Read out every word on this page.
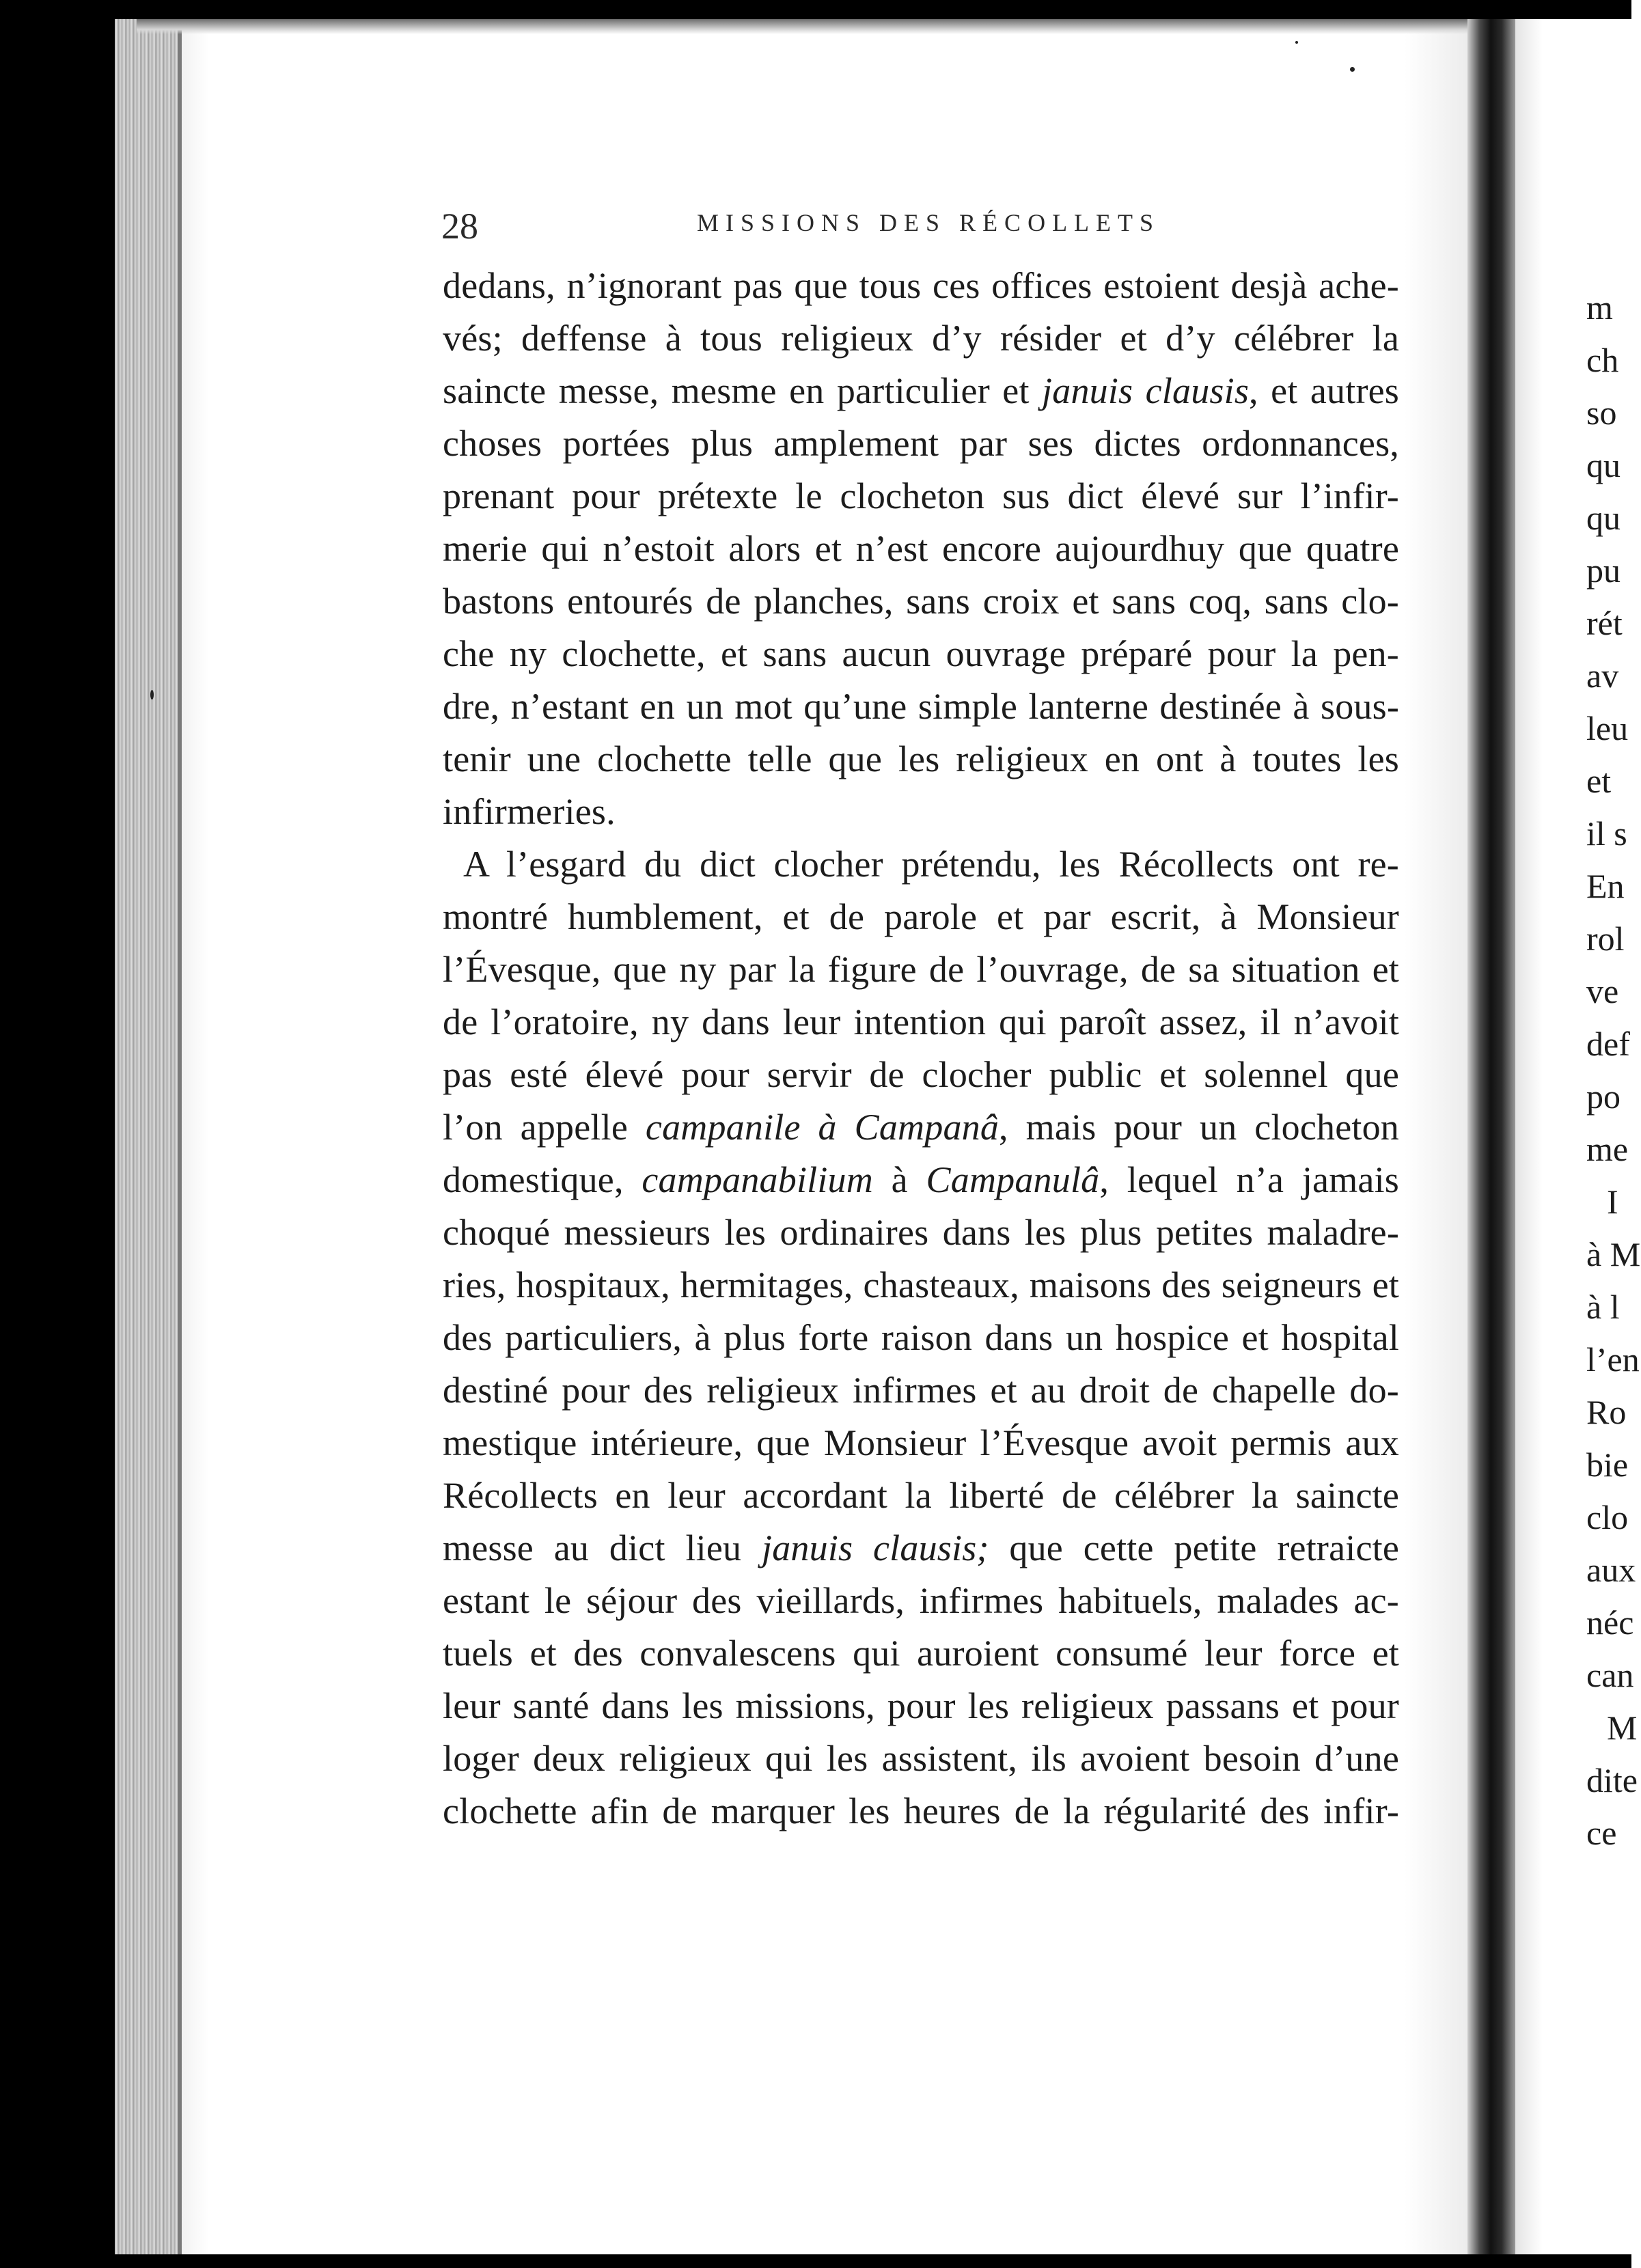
28	MISSIONS DES RÉCOLLETS
dedans, n’ignorant pas que tous ces offices estoient desjà ache-
vés; deffense à tous religieux d’y résider et d’y célébrer la
saincte messe, mesme en particulier et januis clausis, et autres
choses portées plus amplement par ses dictes ordonnances,
prenant pour prétexte le clocheton sus dict élevé sur l’infir-
merie qui n’estoit alors et n’est encore aujourdhuy que quatre
bastons entourés de planches, sans croix et sans coq, sans clo-
che ny clochette, et sans aucun ouvrage préparé pour la pen-
dre, n’estant en un mot qu’une simple lanterne destinée à sous-
tenir une clochette telle que les religieux en ont à toutes les
infirmeries.
A l’esgard du dict clocher prétendu, les Récollects ont re-
montré humblement, et de parole et par escrit, à Monsieur
l’Évesque, que ny par la figure de l’ouvrage, de sa situation et
de l’oratoire, ny dans leur intention qui paroît assez, il n’avoit
pas esté élevé pour servir de clocher public et solennel que
l’on appelle campanile à Campanâ, mais pour un clocheton
domestique, campanabilium à Campanulâ, lequel n’a jamais
choqué messieurs les ordinaires dans les plus petites maladre-
ries, hospitaux, hermitages, chasteaux, maisons des seigneurs et
des particuliers, à plus forte raison dans un hospice et hospital
destiné pour des religieux infirmes et au droit de chapelle do-
mestique intérieure, que Monsieur l’Évesque avoit permis aux
Récollects en leur accordant la liberté de célébrer la saincte
messe au dict lieu januis clausis; que cette petite retraicte
estant le séjour des vieillards, infirmes habituels, malades ac-
tuels et des convalescens qui auroient consumé leur force et
leur santé dans les missions, pour les religieux passans et pour
loger deux religieux qui les assistent, ils avoient besoin d’une
clochette afin de marquer les heures de la régularité des infir-
m
ch
so
qu
qu
pu
rét
av
leu
et
il s
En
rol
ve
def
po
me
I
à M
à l
l’en
Ro
bie
clo
aux
néc
can
M
dite
ce
